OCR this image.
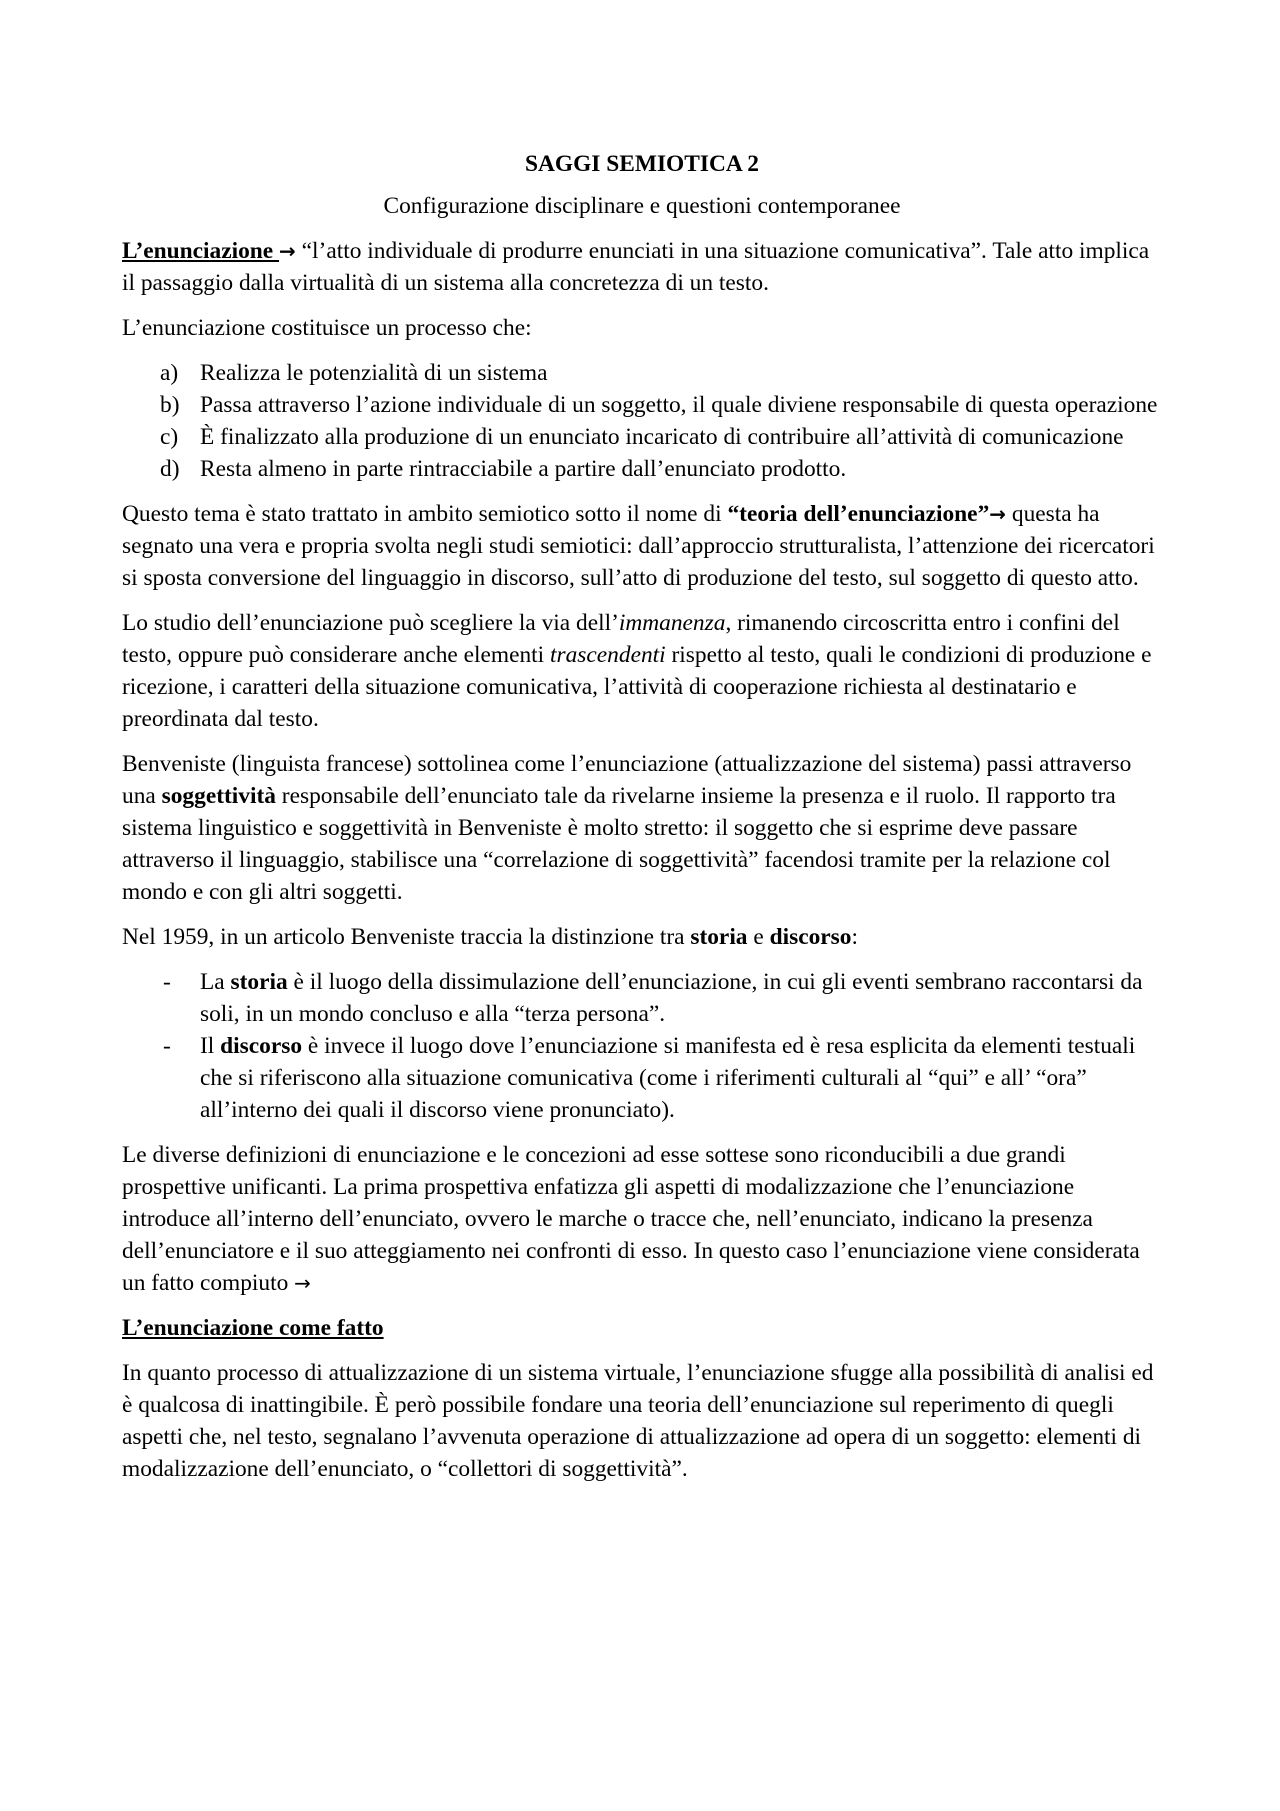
SAGGI SEMIOTICA 2
Configurazione disciplinare e questioni contemporanee

L’enunciazione → “l’atto individuale di produrre enunciati in una situazione comunicativa”. Tale atto implica il passaggio dalla virtualità di un sistema alla concretezza di un testo.

L’enunciazione costituisce un processo che:

a) Realizza le potenzialità di un sistema
b) Passa attraverso l’azione individuale di un soggetto, il quale diviene responsabile di questa operazione
c) È finalizzato alla produzione di un enunciato incaricato di contribuire all’attività di comunicazione
d) Resta almeno in parte rintracciabile a partire dall’enunciato prodotto.

Questo tema è stato trattato in ambito semiotico sotto il nome di “teoria dell’enunciazione”→ questa ha segnato una vera e propria svolta negli studi semiotici: dall’approccio strutturalista, l’attenzione dei ricercatori si sposta conversione del linguaggio in discorso, sull’atto di produzione del testo, sul soggetto di questo atto.

Lo studio dell’enunciazione può scegliere la via dell’immanenza, rimanendo circoscritta entro i confini del testo, oppure può considerare anche elementi trascendenti rispetto al testo, quali le condizioni di produzione e ricezione, i caratteri della situazione comunicativa, l’attività di cooperazione richiesta al destinatario e preordinata dal testo.

Benveniste (linguista francese) sottolinea come l’enunciazione (attualizzazione del sistema) passi attraverso una soggettività responsabile dell’enunciato tale da rivelarne insieme la presenza e il ruolo. Il rapporto tra sistema linguistico e soggettività in Benveniste è molto stretto: il soggetto che si esprime deve passare attraverso il linguaggio, stabilisce una “correlazione di soggettività” facendosi tramite per la relazione col mondo e con gli altri soggetti.

Nel 1959, in un articolo Benveniste traccia la distinzione tra storia e discorso:

- La storia è il luogo della dissimulazione dell’enunciazione, in cui gli eventi sembrano raccontarsi da soli, in un mondo concluso e alla “terza persona”.
- Il discorso è invece il luogo dove l’enunciazione si manifesta ed è resa esplicita da elementi testuali che si riferiscono alla situazione comunicativa (come i riferimenti culturali al “qui” e all’ “ora” all’interno dei quali il discorso viene pronunciato).

Le diverse definizioni di enunciazione e le concezioni ad esse sottese sono riconducibili a due grandi prospettive unificanti. La prima prospettiva enfatizza gli aspetti di modalizzazione che l’enunciazione introduce all’interno dell’enunciato, ovvero le marche o tracce che, nell’enunciato, indicano la presenza dell’enunciatore e il suo atteggiamento nei confronti di esso. In questo caso l’enunciazione viene considerata un fatto compiuto →

L’enunciazione come fatto

In quanto processo di attualizzazione di un sistema virtuale, l’enunciazione sfugge alla possibilità di analisi ed è qualcosa di inattingibile. È però possibile fondare una teoria dell’enunciazione sul reperimento di quegli aspetti che, nel testo, segnalano l’avvenuta operazione di attualizzazione ad opera di un soggetto: elementi di modalizzazione dell’enunciato, o “collettori di soggettività”.
